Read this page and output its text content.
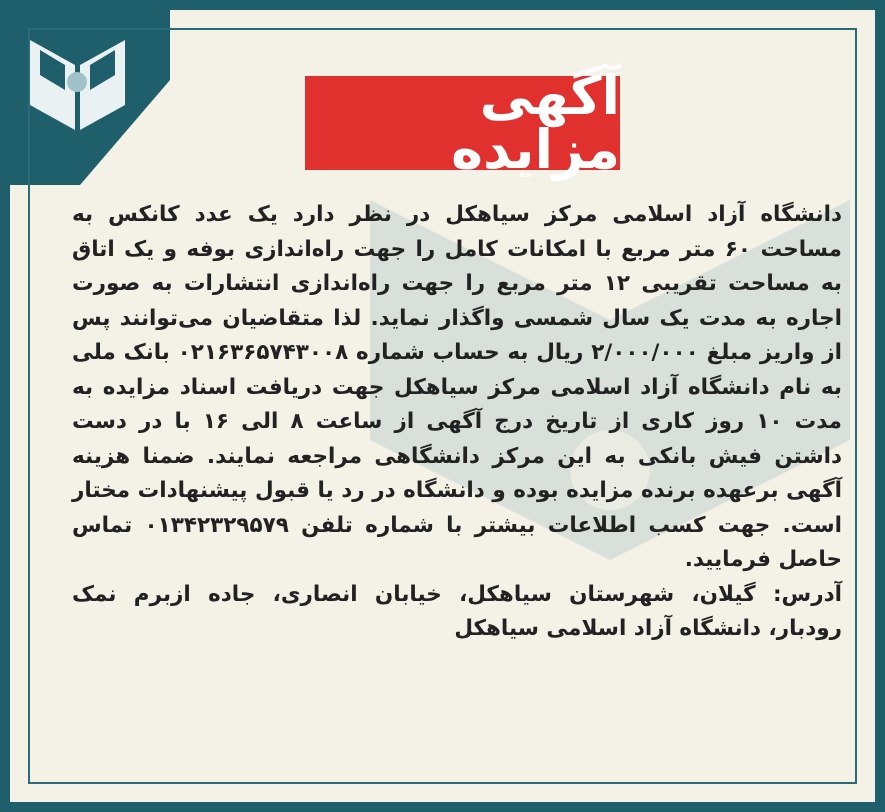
آگهی مزایده

دانشگاه آزاد اسلامی مرکز سیاهکل در نظر دارد یک عدد کانکس به مساحت ۶۰ متر مربع با امکانات کامل را جهت راه‌اندازی بوفه و یک اتاق به مساحت تقریبی ۱۲ متر مربع را جهت راه‌اندازی انتشارات به صورت اجاره به مدت یک سال شمسی واگذار نماید. لذا متقاضیان می‌توانند پس از واریز مبلغ ۲/۰۰۰/۰۰۰ ریال به حساب شماره ۰۲۱۶۳۶۵۷۴۳۰۰۸ بانک ملی به نام دانشگاه آزاد اسلامی مرکز سیاهکل جهت دریافت اسناد مزایده به مدت ۱۰ روز کاری از تاریخ درج آگهی از ساعت ۸ الی ۱۶ با در دست داشتن فیش بانکی به این مرکز دانشگاهی مراجعه نمایند. ضمنا هزینه آگهی برعهده برنده مزایده بوده و دانشگاه در رد یا قبول پیشنهادات مختار است. جهت کسب اطلاعات بیشتر با شماره تلفن ۰۱۳۴۲۳۲۹۵۷۹ تماس حاصل فرمایید.

آدرس: گیلان، شهرستان سیاهکل، خیابان انصاری، جاده ازبرم نمک رودبار، دانشگاه آزاد اسلامی سیاهکل
